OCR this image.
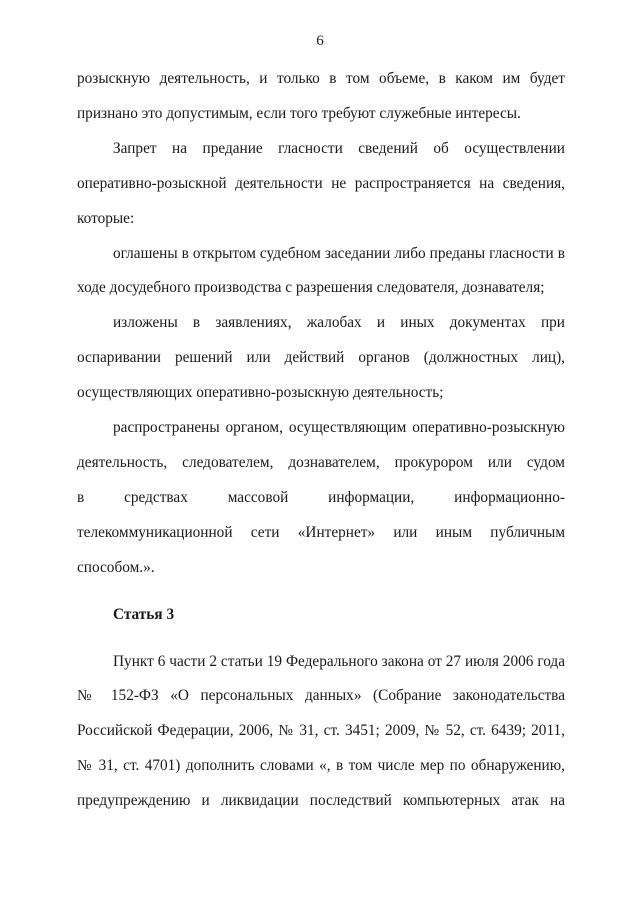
6

розыскную деятельность, и только в том объеме, в каком им будет
признано это допустимым, если того требуют служебные интересы.

Запрет на предание гласности сведений об осуществлении
оперативно-розыскной деятельности не распространяется на сведения,
которые:

оглашены в открытом судебном заседании либо преданы гласности в
ходе досудебного производства с разрешения следователя, дознавателя;

изложены в заявлениях, жалобах и иных документах при
оспаривании решений или действий органов (должностных лиц),
осуществляющих оперативно-розыскную деятельность;

распространены органом, осуществляющим оперативно-розыскную
деятельность, следователем, дознавателем, прокурором или судом
в средствах массовой информации, информационно-
телекоммуникационной сети «Интернет» или иным публичным
способом.».

Статья 3

Пункт 6 части 2 статьи 19 Федерального закона от 27 июля 2006 года
№ 152-ФЗ «О персональных данных» (Собрание законодательства
Российской Федерации, 2006, № 31, ст. 3451; 2009, № 52, ст. 6439; 2011,
№ 31, ст. 4701) дополнить словами «, в том числе мер по обнаружению,
предупреждению и ликвидации последствий компьютерных атак на
